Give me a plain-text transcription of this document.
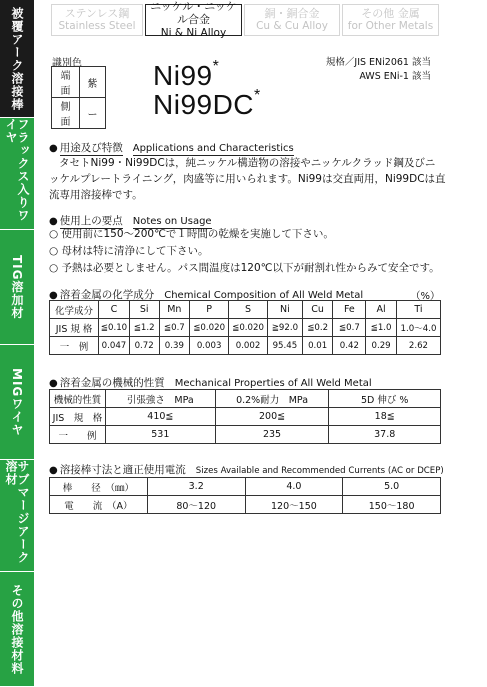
被覆アーク溶接棒
フラックス入りワイヤ
TIG溶加材
MIGワイヤ
サブマージアーク溶材
その他溶接材料
ステンレス鋼
Stainless Steel
ニッケル・ニッケル合金
Ni & Ni Alloy
銅・銅合金
Cu & Cu Alloy
その他 金属
for Other Metals
識別色
端面	紫
側面	ー
Ni99*
Ni99DC*
規格／JIS ENi2061 該当
AWS ENi-1 該当
● 用途及び特徴 Applications and Characteristics
タセトNi99・Ni99DCは，純ニッケル構造物の溶接やニッケルクラッド鋼及びニ
ッケルプレートライニング，肉盛等に用いられます。Ni99は交直両用，Ni99DCは直
流専用溶接棒です。
● 使用上の要点 Notes on Usage
○ 使用前に150〜200℃で１時間の乾燥を実施して下さい。
○ 母材は特に清浄にして下さい。
○ 予熱は必要としません。パス間温度は120℃以下が耐割れ性からみて安全です。
● 溶着金属の化学成分 Chemical Composition of All Weld Metal	（%）
化学成分	C	Si	Mn	P	S	Ni	Cu	Fe	Al	Ti
JIS 規 格	≦0.10	≦1.2	≦0.7	≦0.020	≦0.020	≧92.0	≦0.2	≦0.7	≦1.0	1.0〜4.0
一　例	0.047	0.72	0.39	0.003	0.002	95.45	0.01	0.42	0.29	2.62
● 溶着金属の機械的性質 Mechanical Properties of All Weld Metal
機械的性質	引張強さ　MPa	0.2%耐力　MPa	5D 伸び %
JIS　規　格	410≦	200≦	18≦
一　　例	531	235	37.8
● 溶接棒寸法と適正使用電流 Sizes Available and Recommended Currents (AC or DCEP)
棒　　径　（㎜）	3.2	4.0	5.0
電　　流　（A）	80〜120	120〜150	150〜180
